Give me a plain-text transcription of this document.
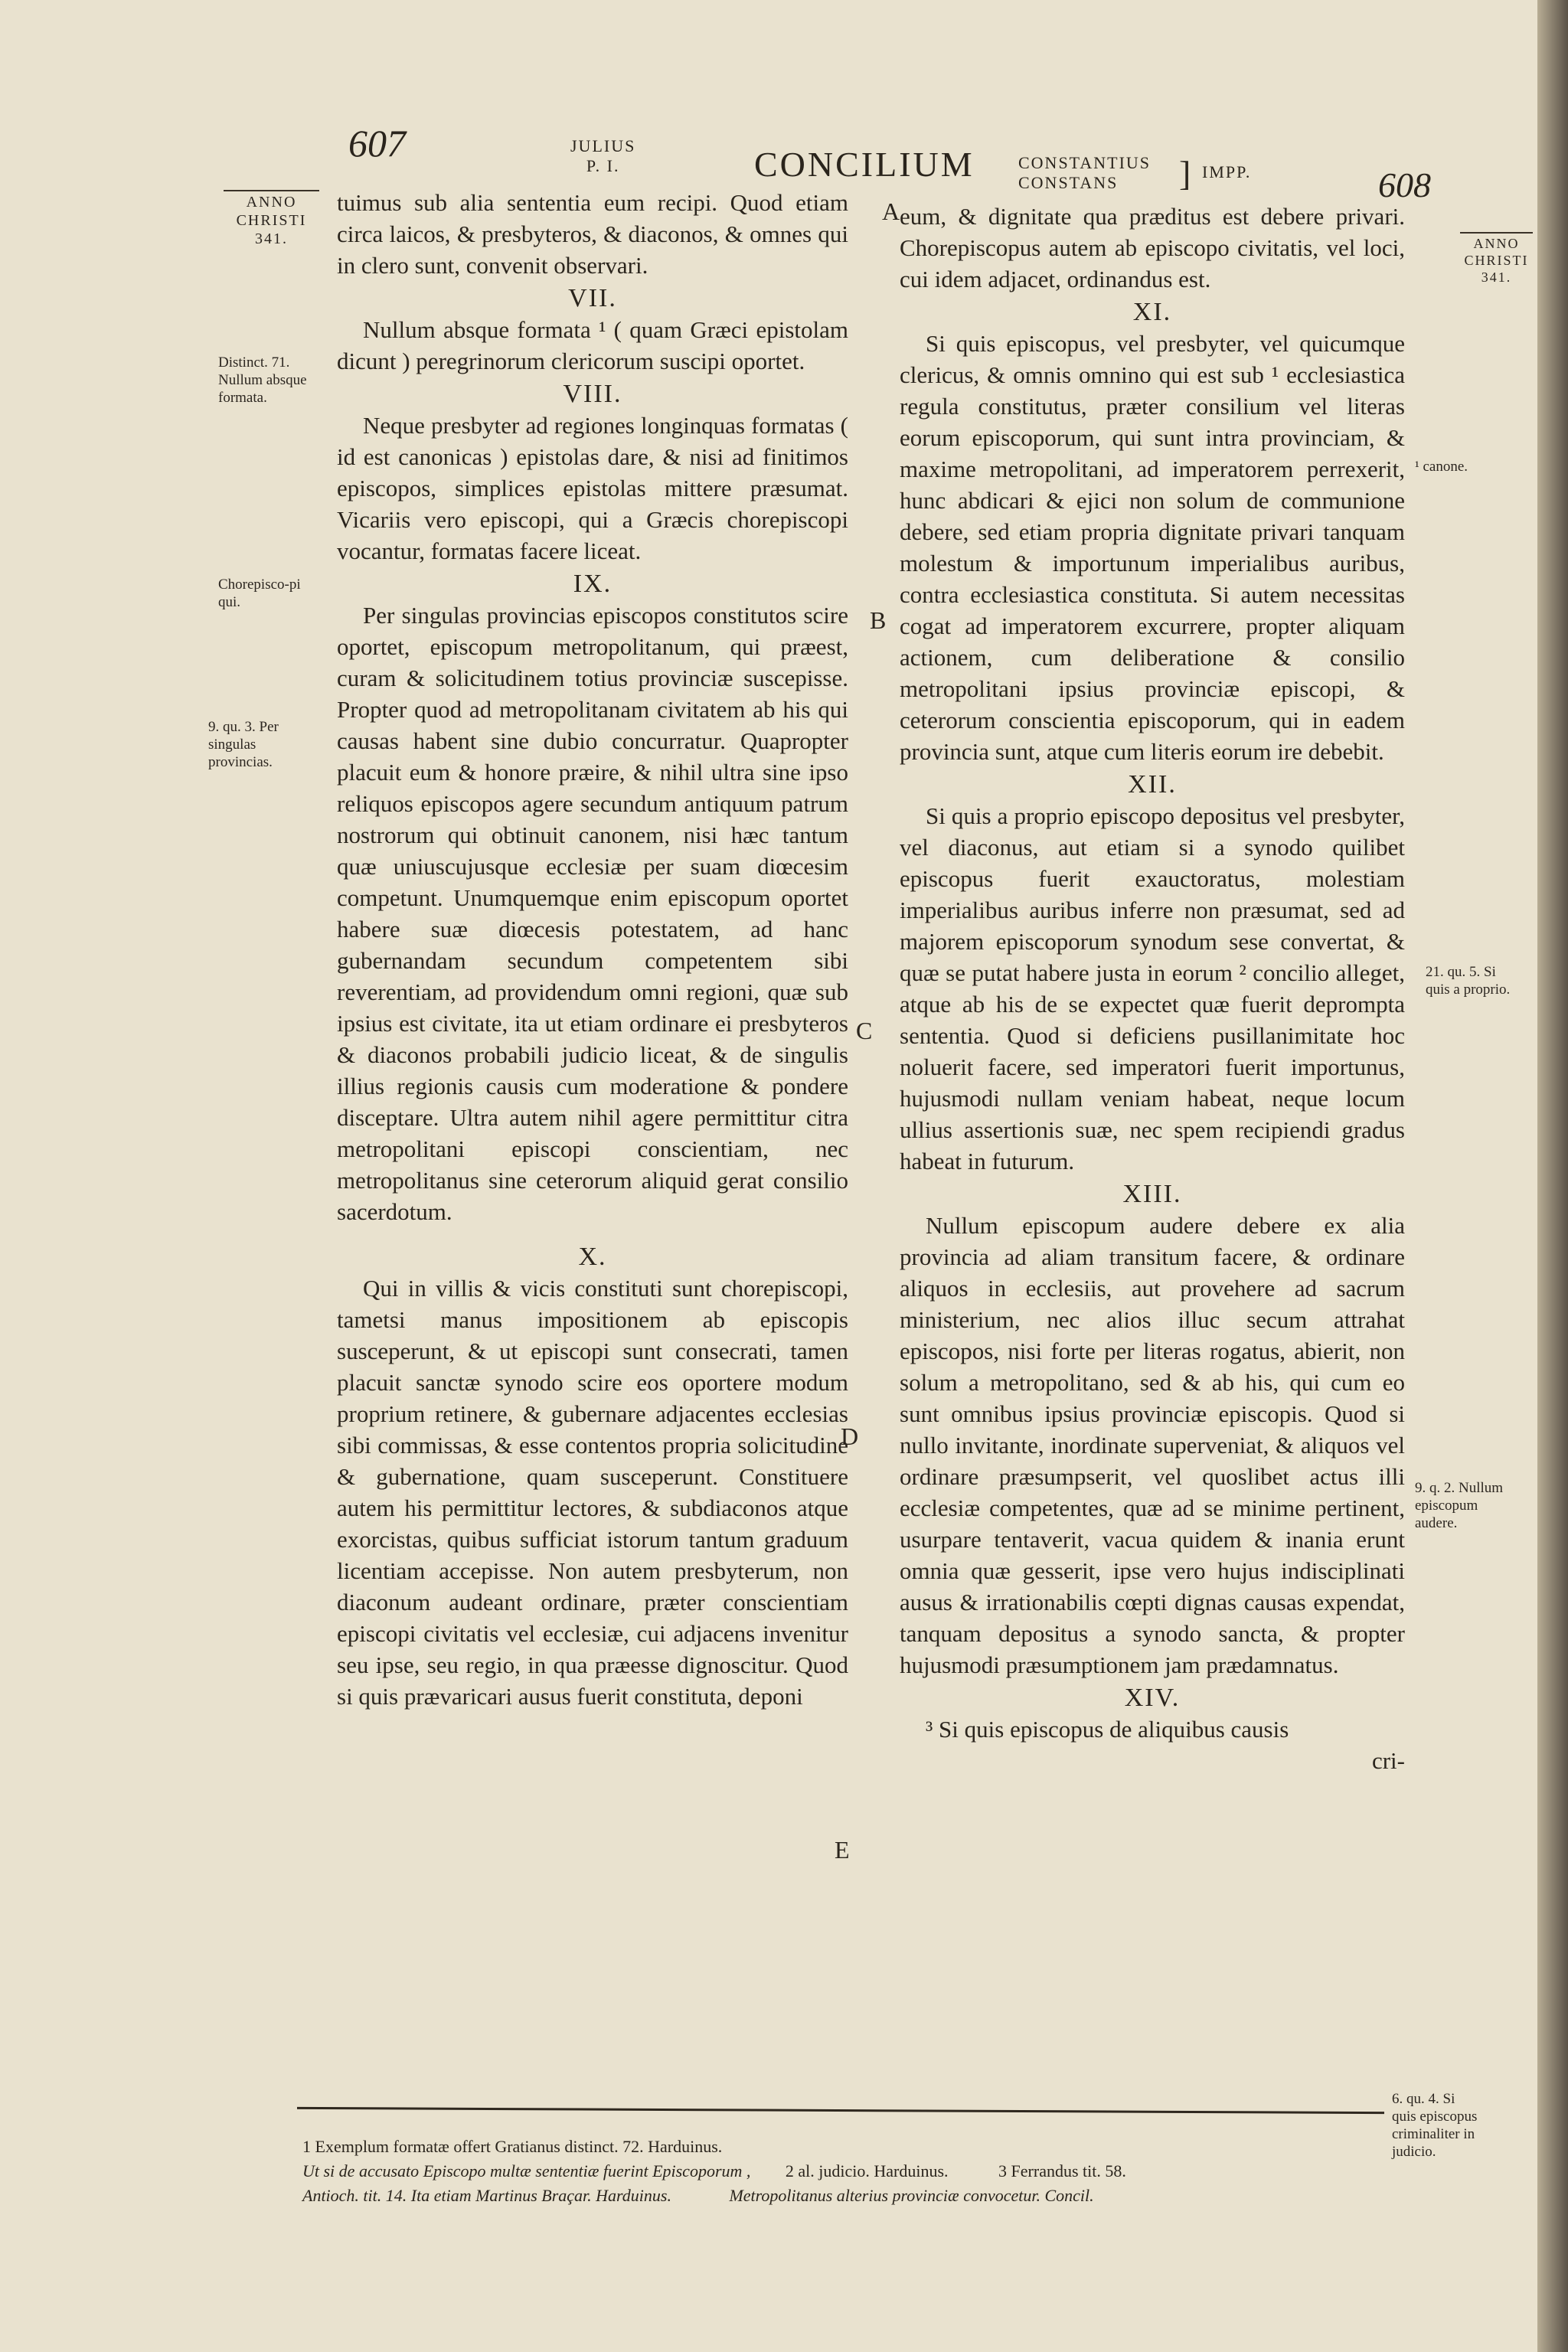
607	JULIUS
P. I.	CONCILIUM	CONSTANTIUS
CONSTANS	] IMPP.	608
ANNO
CHRISTI
341.	ANNO
CHRISTI
341.
Distinct. 71. Nullum absque formata.
Chorepisco-pi qui.
9. qu. 3. Per singulas provincias.
¹ canone.
21. qu. 5. Si quis a proprio.
9. q. 2. Nullum episcopum audere.
6. qu. 4. Si quis episcopus criminaliter in judicio.
A
B
C
D
E

tuimus sub alia sententia eum recipi. Quod etiam circa laicos, & presbyteros, & diaconos, & omnes qui in clero sunt, convenit observari.

VII.

Nullum absque formata ¹ ( quam Græci epistolam dicunt ) peregrinorum clericorum suscipi oportet.

VIII.

Neque presbyter ad regiones longinquas formatas ( id est canonicas ) epistolas dare, & nisi ad finitimos episcopos, simplices epistolas mittere præsumat. Vicariis vero episcopi, qui a Græcis chorepiscopi vocantur, formatas facere liceat.

IX.

Per singulas provincias episcopos constitutos scire oportet, episcopum metropolitanum, qui præest, curam & solicitudinem totius provinciæ suscepisse. Propter quod ad metropolitanam civitatem ab his qui causas habent sine dubio concurratur. Quapropter placuit eum & honore præire, & nihil ultra sine ipso reliquos episcopos agere secundum antiquum patrum nostrorum qui obtinuit canonem, nisi hæc tantum quæ uniuscujusque ecclesiæ per suam diœcesim competunt. Unumquemque enim episcopum oportet habere suæ diœcesis potestatem, ad hanc gubernandam secundum competentem sibi reverentiam, ad providendum omni regioni, quæ sub ipsius est civitate, ita ut etiam ordinare ei presbyteros & diaconos probabili judicio liceat, & de singulis illius regionis causis cum moderatione & pondere disceptare. Ultra autem nihil agere permittitur citra metropolitani episcopi conscientiam, nec metropolitanus sine ceterorum aliquid gerat consilio sacerdotum.

X.

Qui in villis & vicis constituti sunt chorepiscopi, tametsi manus impositionem ab episcopis susceperunt, & ut episcopi sunt consecrati, tamen placuit sanctæ synodo scire eos oportere modum proprium retinere, & gubernare adjacentes ecclesias sibi commissas, & esse contentos propria solicitudine & gubernatione, quam susceperunt. Constituere autem his permittitur lectores, & subdiaconos atque exorcistas, quibus sufficiat istorum tantum graduum licentiam accepisse. Non autem presbyterum, non diaconum audeant ordinare, præter conscientiam episcopi civitatis vel ecclesiæ, cui adjacens invenitur seu ipse, seu regio, in qua præesse dignoscitur. Quod si quis prævaricari ausus fuerit constituta, deponi

eum, & dignitate qua præditus est debere privari. Chorepiscopus autem ab episcopo civitatis, vel loci, cui idem adjacet, ordinandus est.

XI.

Si quis episcopus, vel presbyter, vel quicumque clericus, & omnis omnino qui est sub ¹ ecclesiastica regula constitutus, præter consilium vel literas eorum episcoporum, qui sunt intra provinciam, & maxime metropolitani, ad imperatorem perrexerit, hunc abdicari & ejici non solum de communione debere, sed etiam propria dignitate privari tanquam molestum & importunum imperialibus auribus, contra ecclesiastica constituta. Si autem necessitas cogat ad imperatorem excurrere, propter aliquam actionem, cum deliberatione & consilio metropolitani ipsius provinciæ episcopi, & ceterorum conscientia episcoporum, qui in eadem provincia sunt, atque cum literis eorum ire debebit.

XII.

Si quis a proprio episcopo depositus vel presbyter, vel diaconus, aut etiam si a synodo quilibet episcopus fuerit exauctoratus, molestiam imperialibus auribus inferre non præsumat, sed ad majorem episcoporum synodum sese convertat, & quæ se putat habere justa in eorum ² concilio alleget, atque ab his de se expectet quæ fuerit deprompta sententia. Quod si deficiens pusillanimitate hoc noluerit facere, sed imperatori fuerit importunus, hujusmodi nullam veniam habeat, neque locum ullius assertionis suæ, nec spem recipiendi gradus habeat in futurum.

XIII.

Nullum episcopum audere debere ex alia provincia ad aliam transitum facere, & ordinare aliquos in ecclesiis, aut provehere ad sacrum ministerium, nec alios illuc secum attrahat episcopos, nisi forte per literas rogatus, abierit, non solum a metropolitano, sed & ab his, qui cum eo sunt omnibus ipsius provinciæ episcopis. Quod si nullo invitante, inordinate superveniat, & aliquos vel ordinare præsumpserit, vel quoslibet actus illi ecclesiæ competentes, quæ ad se minime pertinent, usurpare tentaverit, vacua quidem & inania erunt omnia quæ gesserit, ipse vero hujus indisciplinati ausus & irrationabilis cœpti dignas causas expendat, tanquam depositus a synodo sancta, & propter hujusmodi præsumptionem jam prædamnatus.

XIV.

³ Si quis episcopus de aliquibus causis

cri-

1 Exemplum formatæ offert Gratianus distinct. 72. Harduinus.
Ut si de accusato Episcopo multæ sententiæ fuerint Episcoporum , 2 al. judicio. Harduinus.	3 Ferrandus tit. 58.
Antioch. tit. 14. Ita etiam Martinus Braçar. Harduinus.	Metropolitanus alterius provinciæ convocetur. Concil.
